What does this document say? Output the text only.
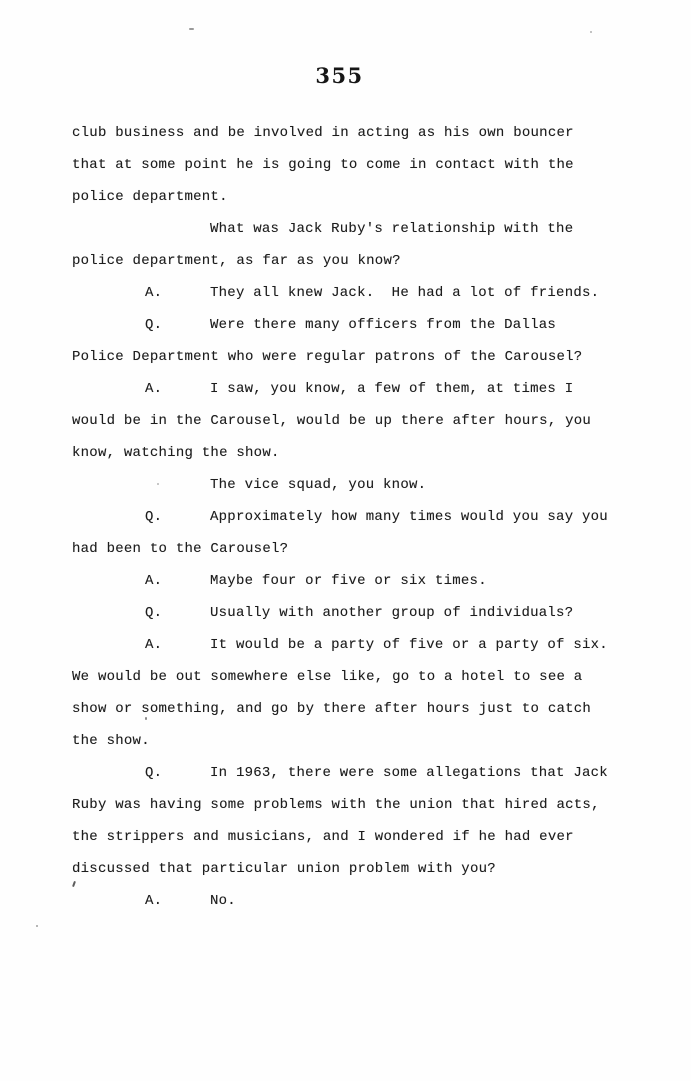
355
club business and be involved in acting as his own bouncer
that at some point he is going to come in contact with the
police department.
What was Jack Ruby's relationship with the
police department, as far as you know?
A.	They all knew Jack.  He had a lot of friends.
Q.	Were there many officers from the Dallas
Police Department who were regular patrons of the Carousel?
A.	I saw, you know, a few of them, at times I
would be in the Carousel, would be up there after hours, you
know, watching the show.
The vice squad, you know.
Q.	Approximately how many times would you say you
had been to the Carousel?
A.	Maybe four or five or six times.
Q.	Usually with another group of individuals?
A.	It would be a party of five or a party of six.
We would be out somewhere else like, go to a hotel to see a
show or something, and go by there after hours just to catch
the show.
Q.	In 1963, there were some allegations that Jack
Ruby was having some problems with the union that hired acts,
the strippers and musicians, and I wondered if he had ever
discussed that particular union problem with you?
A.	No.
